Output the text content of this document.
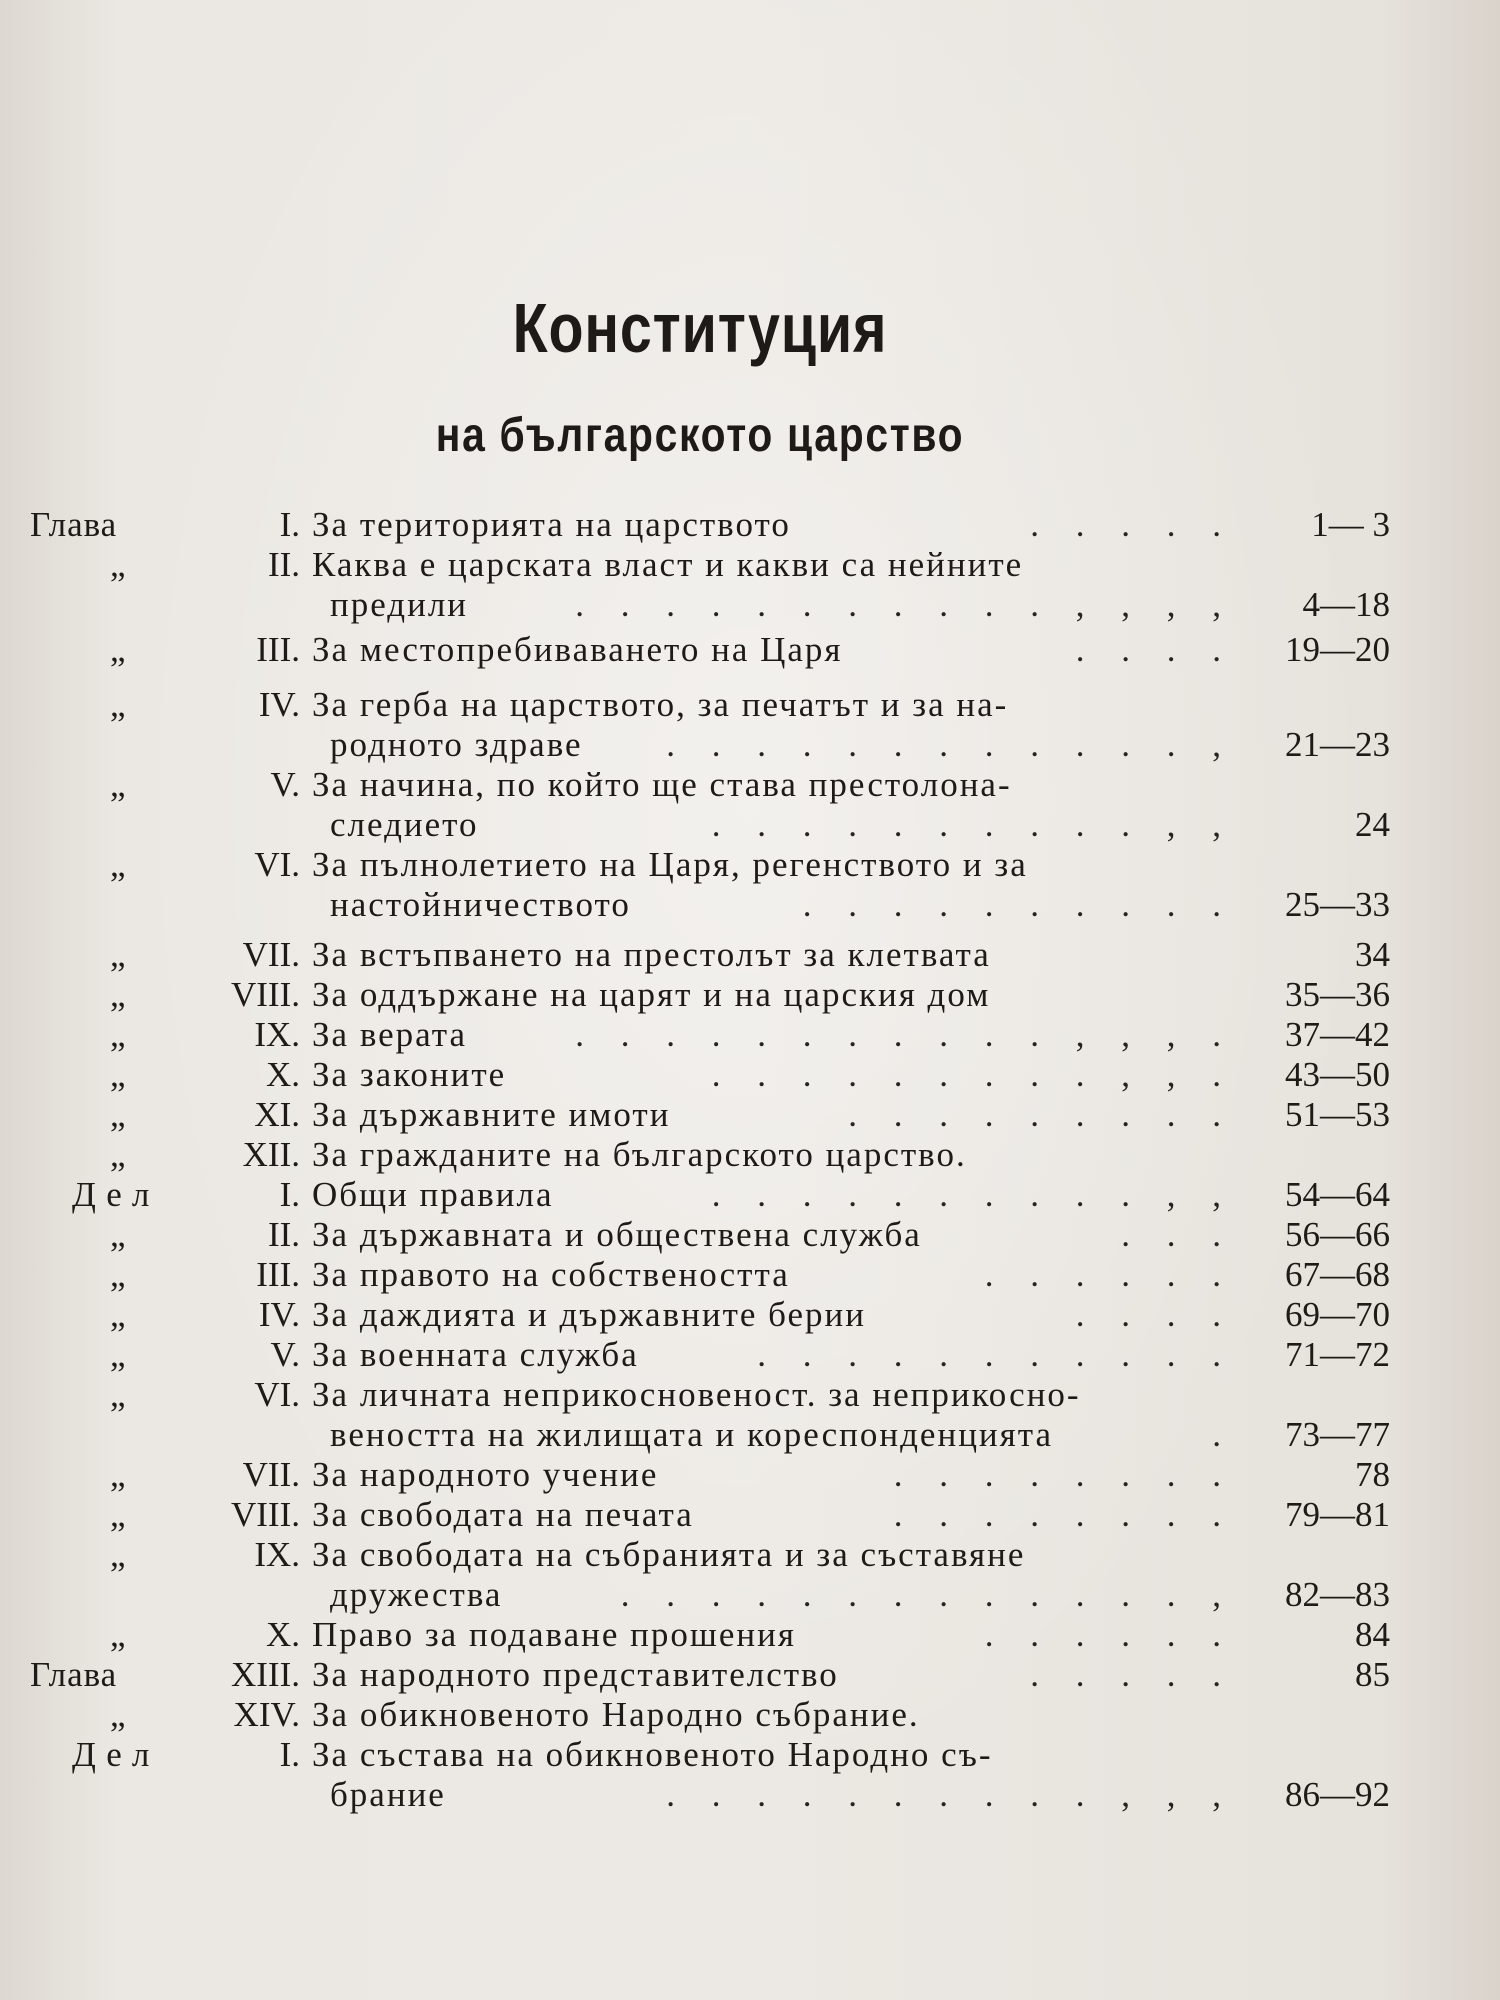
Конституция
на българското царство
Глава	I. За територията на царството	. . . . .	1— 3
„	II. Каква е царската власт и какви са нейните
предили	. . . . . . . . . . . , , , ,	4—18
„	III. За местопребиваването на Царя	. . . .	19—20
„	IV. За герба на царството, за печатът и за на-
родното здраве	. . . . . . . . . . . . ,	21—23
„	V. За начина, по който ще става престолона-
следието	. . . . . . . . . . , ,	24
„	VI. За пълнолетието на Царя, регенството и за
настойничеството	. . . . . . . . . .	25—33
„	VII. За встъпването на престолът за клетвата	34
„	VIII. За оддържане на царят и на царския дом	35—36
„	IX. За верата	. . . . . . . . . . . , , , .	37—42
„	X. За законите	. . . . . . . . . , , .	43—50
„	XI. За държавните имоти	. . . . . . . . .	51—53
„	XII. За гражданите на българското царство.
Дел	I. Общи правила	. . . . . . . . . . , ,	54—64
„	II. За държавната и обществена служба	. . .	56—66
„	III. За правото на собствеността	. . . . . .	67—68
„	IV. За даждията и държавните берии	. . . .	69—70
„	V. За военната служба	. . . . . . . . . . .	71—72
„	VI. За личната неприкосновеност. за неприкосно-
веността на жилищата и кореспонденцията	.	73—77
„	VII. За народното учение	. . . . . . . .	78
„	VIII. За свободата на печата	. . . . . . . .	79—81
„	IX. За свободата на събранията и за съставяне
дружества	. . . . . . . . . . . . . ,	82—83
„	X. Право за подаване прошения	. . . . . .	84
Глава	XIII. За народното представителство	. . . . .	85
„	XIV. За обикновеното Народно събрание.
Дел	I. За състава на обикновеното Народно съ-
брание	. . . . . . . . . . , , ,	86—92
